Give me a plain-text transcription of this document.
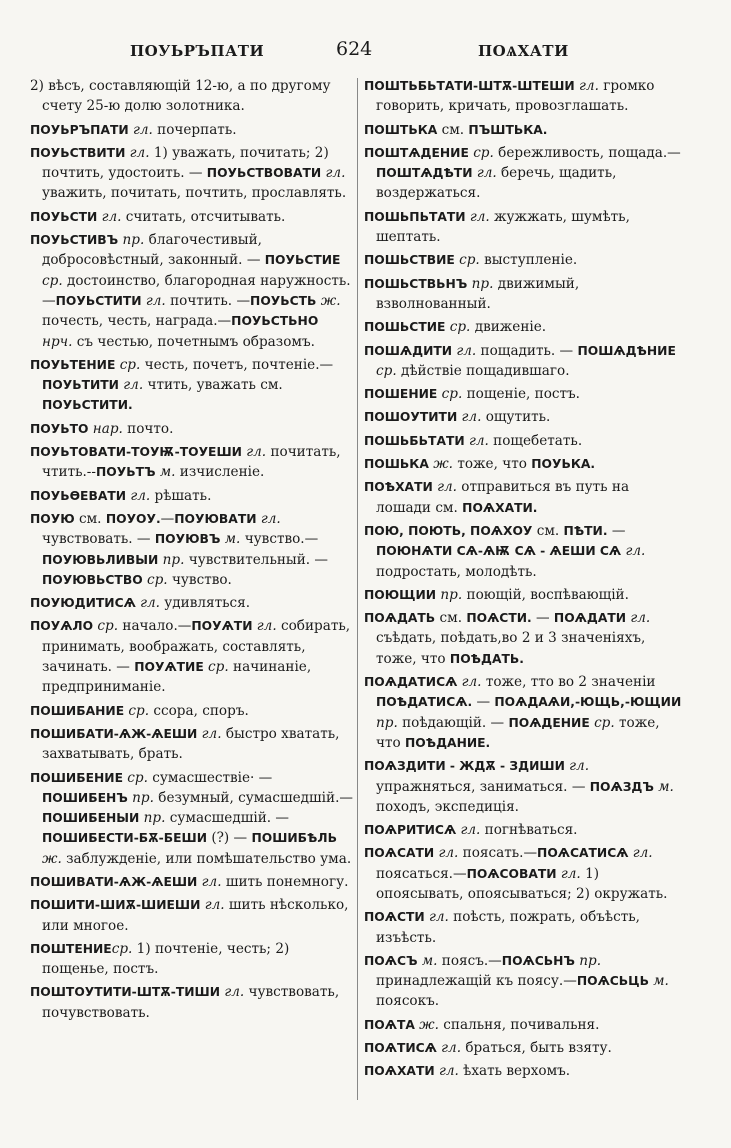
ПОУЬРЪПАТИ	624	ПОѦХАТИ

2) вѣсъ, составляющій 12-ю, а по другому счету 25-ю долю золотника.

ПОУЬРЪПАТИ гл. почерпать.

ПОУЬСТВИТИ гл. 1) уважать, почитать; 2) почтить, удостоить. — ПОУЬСТВОВАТИ гл. уважить, почитать, почтить, прославлять.

ПОУЬСТИ гл. считать, отсчитывать.

ПОУЬСТИВЪ пр. благочестивый, добросовѣстный, законный. — ПОУЬСТИЕ ср. достоинство, благородная наружность.—ПОУЬСТИТИ гл. почтить. —ПОУЬСТЬ ж. почесть, честь, награда.—ПОУЬСТЬНО нрч. съ честью, почетнымъ образомъ.

ПОУЬТЕНИЕ ср. честь, почетъ, почтеніе.—ПОУЬТИТИ гл. чтить, уважать см. ПОУЬСТИТИ.

ПОУЬТО нар. почто.

ПОУЬТОВАТИ-ТОУѬ-ТОУЕШИ гл. почитать, чтить.--ПОУЬТЪ м. изчисленіе.

ПОУЬѲЕВАТИ гл. рѣшать.

ПОУЮ см. ПОУОУ.—ПОУЮВАТИ гл. чувствовать. — ПОУЮВЪ м. чувство.—ПОУЮВЬЛИВЫИ пр. чувствительный. —ПОУЮВЬСТВО ср. чувство.

ПОУЮДИТИСѦ гл. удивляться.

ПОУѦЛО ср. начало.—ПОУѦТИ гл. собирать, принимать, воображать, составлять, зачинать. — ПОУѦТИЕ ср. начинаніе, предприниманіе.

ПОШИБАНИЕ ср. ссора, споръ.

ПОШИБАТИ-ѦЖ-ѦЕШИ гл. быстро хватать, захватывать, брать.

ПОШИБЕНИЕ ср. сумасшествіе· — ПОШИБЕНЪ пр. безумный, сумасшедшій.—ПОШИБЕНЫИ пр. сумасшедшій. — ПОШИБЕСТИ-БѪ-БЕШИ (?) — ПОШИБѢЛЬ ж. заблужденіе, или помѣшательство ума.

ПОШИВАТИ-ѦЖ-ѦЕШИ гл. шить понемногу.

ПОШИТИ-ШИѪ-ШИЕШИ гл. шить нѣсколько, или многое.

ПОШТЕНИЕср. 1) почтеніе, честь; 2) пощенье, постъ.

ПОШТОУТИТИ-ШТѪ-ТИШИ гл. чувствовать, почувствовать.

ПОШТЬБЬТАТИ-ШТѪ-ШТЕШИ гл. громко говорить, кричать, провозглашать.

ПОШТЬКА см. ПЪШТЬКА.

ПОШТѦДЕНИЕ ср. бережливость, пощада.—ПОШТѦДѢТИ гл. беречь, щадить, воздержаться.

ПОШЬПЬТАТИ гл. жужжать, шумѣть, шептать.

ПОШЬСТВИЕ ср. выступленіе.

ПОШЬСТВЬНЪ пр. движимый, взволнованный.

ПОШЬСТИЕ ср. движеніе.

ПОШѦДИТИ гл. пощадить. — ПОШѦДѢНИЕ ср. дѣйствіе пощадившаго.

ПОШЕНИЕ ср. пощеніе, постъ.

ПОШОУТИТИ гл. ощутить.

ПОШЬБЬТАТИ гл. пощебетать.

ПОШЬКА ж. тоже, что ПОУЬКА.

ПОѢХАТИ гл. отправиться въ путь на лошади см. ПОѦХАТИ.

ПОЮ, ПОЮТЬ, ПОѦХОУ см. ПѢТИ. — ПОЮНѦТИ СѦ-ѦѬ СѦ - ѦЕШИ СѦ гл. подростать, молодѣть.

ПОЮЩИИ пр. поющій, воспѣвающій.

ПОѦДАТЬ см. ПОѦСТИ. — ПОѦДАТИ гл. съѣдать, поѣдать,во 2 и 3 значеніяхъ, тоже, что ПОѢДАТЬ.

ПОѦДАТИСѦ гл. тоже, тто во 2 значеніи ПОѢДАТИСѦ. — ПОѦДАѦИ,-ЮЩЬ,-ЮЩИИ пр. поѣдающій. — ПОѦДЕНИЕ ср. тоже, что ПОѢДАНИЕ.

ПОѦЗДИТИ - ЖДѪ - ЗДИШИ гл. упражняться, заниматься. — ПОѦЗДЪ м. походъ, экспедиція.

ПОѦРИТИСѦ гл. погнѣваться.

ПОѦСАТИ гл. поясать.—ПОѦСАТИСѦ гл. поясаться.—ПОѦСОВАТИ гл. 1) опоясывать, опоясываться; 2) окружать.

ПОѦСТИ гл. поѣсть, пожрать, объѣсть, изъѣсть.

ПОѦСЪ м. поясъ.—ПОѦСЬНЪ пр. принадлежащій къ поясу.—ПОѦСЬЦЬ м. поясокъ.

ПОѦТА ж. спальня, почивальня.

ПОѦТИСѦ гл. браться, быть взяту.

ПОѦХАТИ гл. ѣхать верхомъ.
